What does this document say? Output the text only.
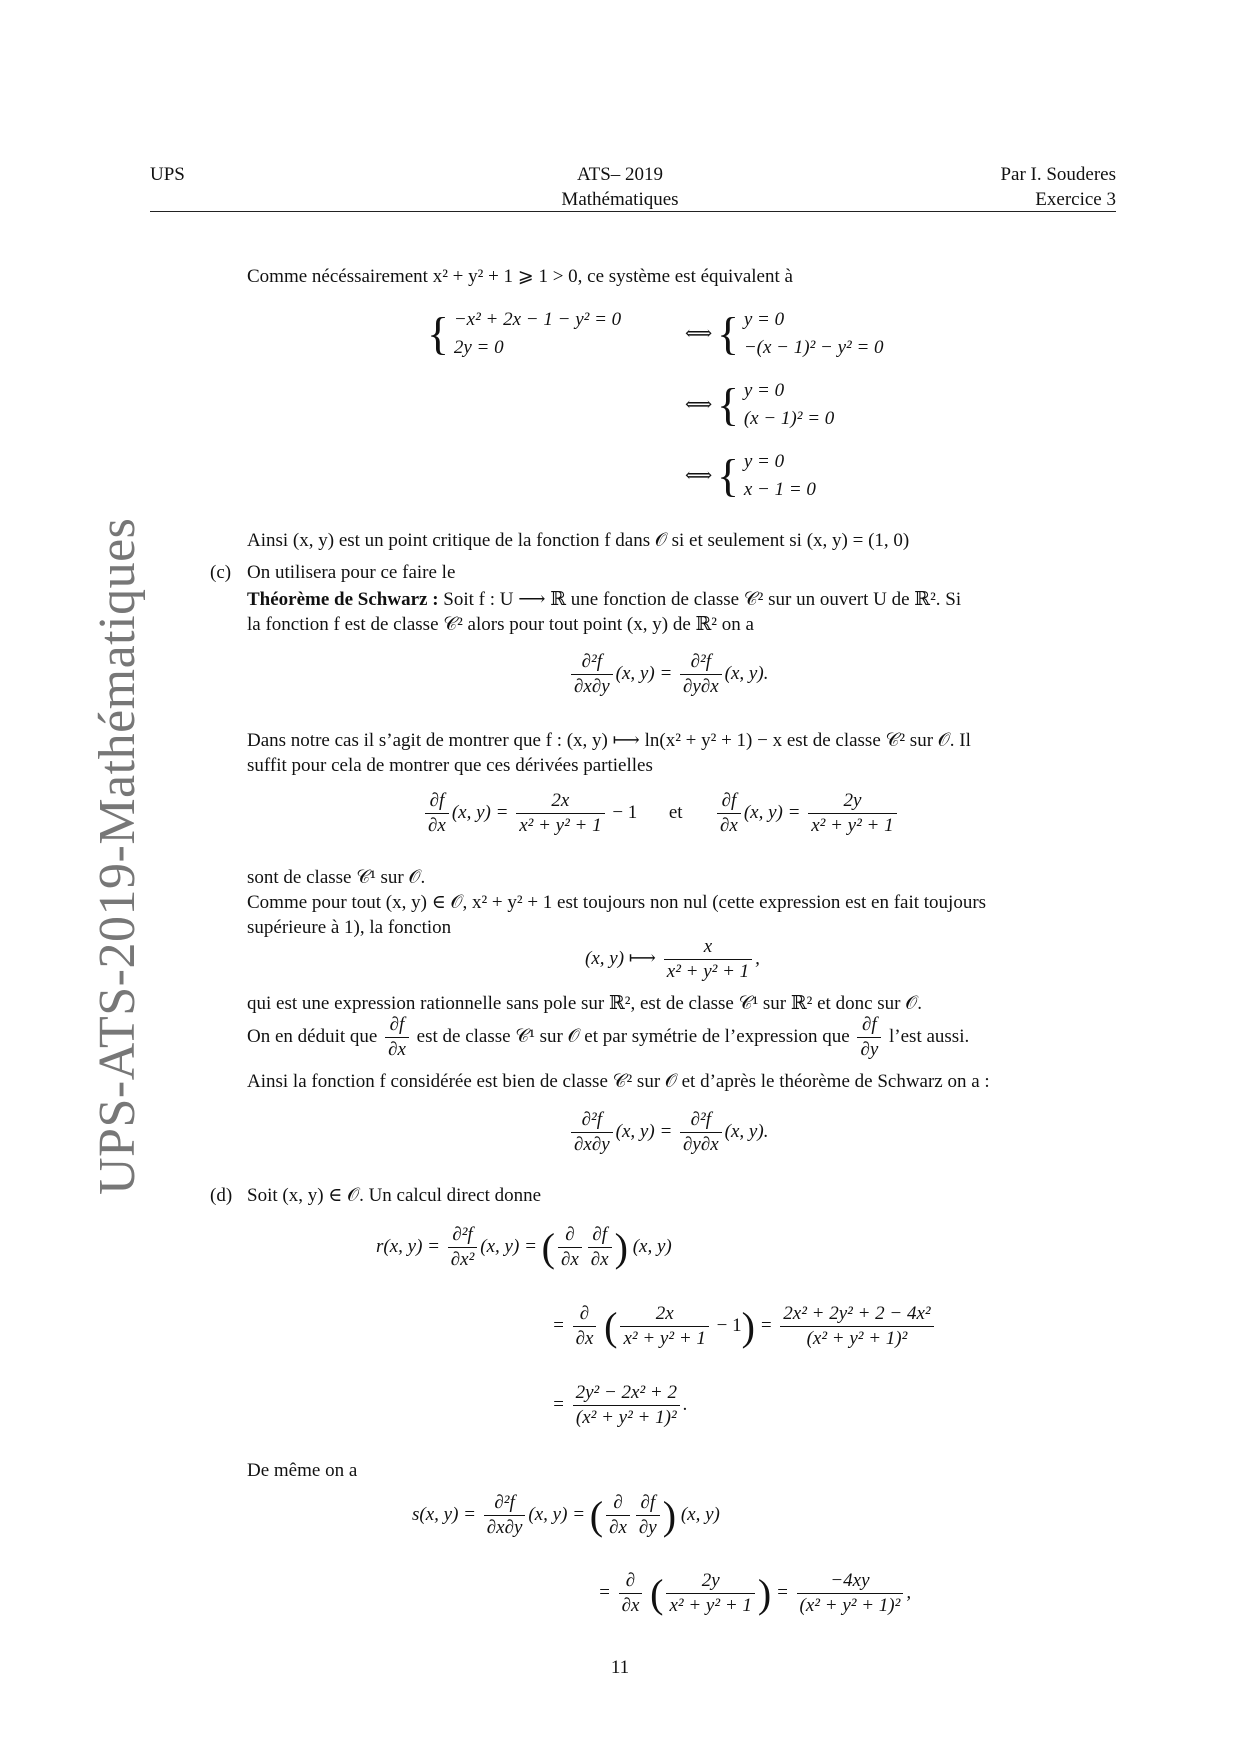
UPS	ATS– 2019
Mathématiques
Par I. Souderes
Exercice 3
UPS-ATS-2019-Mathématiques
Comme nécéssairement x² + y² + 1 ⩾ 1 > 0, ce système est équivalent à
{ −x² + 2x − 1 − y² = 0
2y = 0
⟺ { y = 0
−(x − 1)² − y² = 0
⟺ { y = 0
(x − 1)² = 0
⟺ { y = 0
x − 1 = 0
Ainsi (x, y) est un point critique de la fonction f dans 𝒪 si et seulement si (x, y) = (1, 0)
(c) On utilisera pour ce faire le
Théorème de Schwarz : Soit f : U ⟶ ℝ une fonction de classe 𝒞² sur un ouvert U de ℝ². Si
la fonction f est de classe 𝒞² alors pour tout point (x, y) de ℝ² on a
$\frac{\text{∂²f}}{\partial x\partial y} (x$, $y) = \frac{\text{∂²f}}{\partial y\partial x} (x$, y).
Dans notre cas il s’agit de montrer que f : (x, y) ⟼ ln(x² + y² + 1) − x est de classe 𝒞² sur 𝒪. Il
suffit pour cela de montrer que ces dérivées partielles
$\frac{\partial f}{\partial x} (x$, $y) = \frac{2x}{\text{x² + y² + 1}} - 1$ et $\frac{\partial f}{\partial x} (x$, $y) = \frac{2y}{\text{x² + y² + 1}}$
sont de classe 𝒞¹ sur 𝒪.
Comme pour tout (x, y) ∈ 𝒪, x² + y² + 1 est toujours non nul (cette expression est en fait toujours
supérieure à 1), la fonction
(x, y) ⟼ $\frac{x}{\text{x² + y² + 1}}$ ,
qui est une expression rationnelle sans pole sur ℝ², est de classe 𝒞¹ sur ℝ² et donc sur 𝒪.
On en déduit que $\frac{\partial f}{\partial x}$ est de classe 𝒞¹ sur 𝒪 et par symétrie de l’expression que $\frac{\partial f}{\partial y}$ l’est aussi.
Ainsi la fonction f considérée est bien de classe 𝒞² sur 𝒪 et d’après le théorème de Schwarz on a :
$\frac{\text{∂²f}}{\partial x\partial y} (x$, $y) = \frac{\text{∂²f}}{\partial y\partial x} (x$, y).
(d) Soit (x, y) ∈ 𝒪. Un calcul direct donne
r(x, $y) = \frac{\text{∂²f}}{\text{∂x²}} (x$, y) = ( $\frac{\partial}{\partial x} \frac{\partial f}{\partial x}$ ) (x, y)
= $\frac{\partial}{\partial x}$ ( $\frac{2x}{\text{x² + y² + 1}} - 1) = \frac{\text{2x² + 2y² + 2 − 4x²}}{\text{(x² + y² + 1)²}}$
= $\frac{\text{2y² − 2x² + 2}}{\text{(x² + y² + 1)²}}$ .
De même on a
s(x, $y) = \frac{\text{∂²f}}{\partial x\partial y} (x$, y) = ( $\frac{\partial}{\partial x} \frac{\partial f}{\partial y}$ ) (x, y)
= $\frac{\partial}{\partial x}$ ( $\frac{2y}{\text{x² + y² + 1}}$ ) = $\frac{-4xy}{\text{(x² + y² + 1)²}}$ ,
11
